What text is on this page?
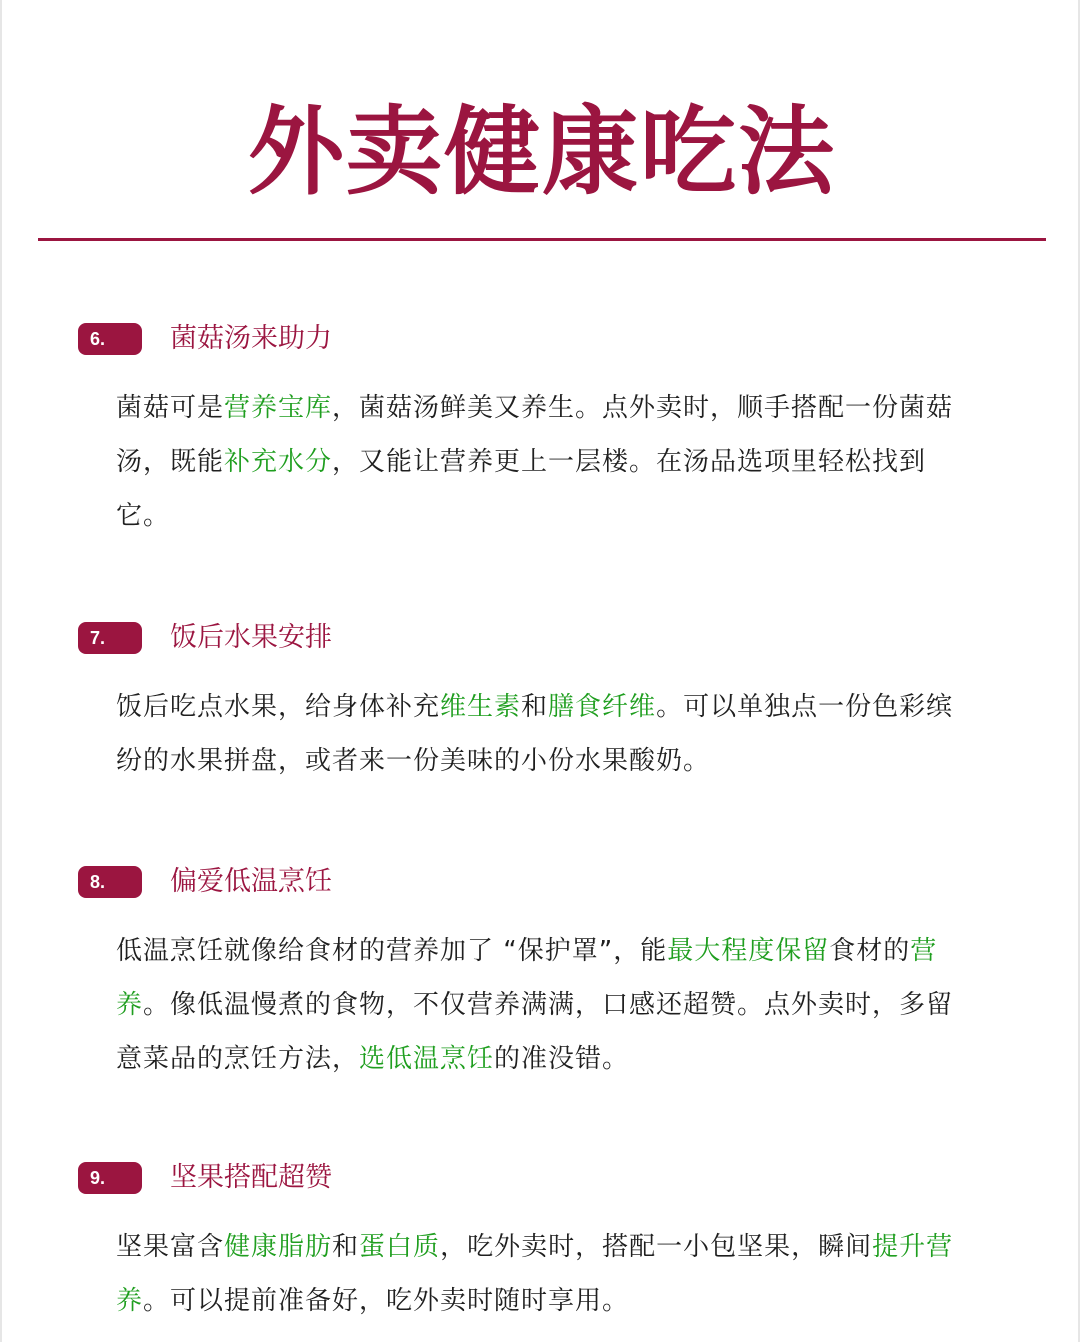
外卖健康吃法
6.	菌菇汤来助力

菌菇可是营养宝库，菌菇汤鲜美又养生。点外卖时，顺手搭配一份菌菇汤，既能补充水分，又能让营养更上一层楼。在汤品选项里轻松找到它。

7.	饭后水果安排

饭后吃点水果，给身体补充维生素和膳食纤维。可以单独点一份色彩缤纷的水果拼盘，或者来一份美味的小份水果酸奶。

8.	偏爱低温烹饪

低温烹饪就像给食材的营养加了 “保护罩”，能最大程度保留食材的营养。像低温慢煮的食物，不仅营养满满，口感还超赞。点外卖时，多留意菜品的烹饪方法，选低温烹饪的准没错。

9.	坚果搭配超赞

坚果富含健康脂肪和蛋白质，吃外卖时，搭配一小包坚果，瞬间提升营养。可以提前准备好，吃外卖时随时享用。
